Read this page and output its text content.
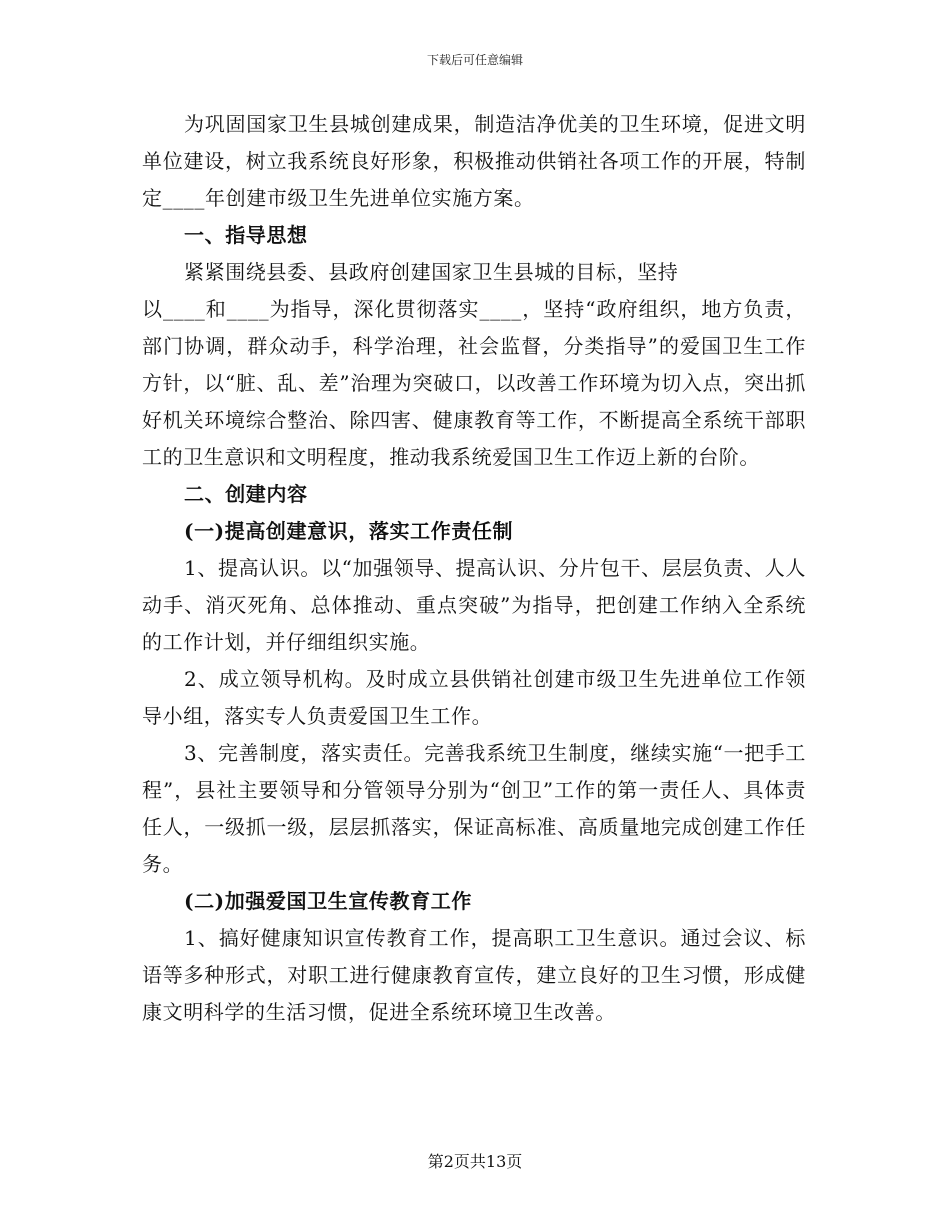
下载后可任意编辑

为巩固国家卫生县城创建成果，制造洁净优美的卫生环境，促进文明单位建设，树立我系统良好形象，积极推动供销社各项工作的开展，特制定____年创建市级卫生先进单位实施方案。

一、指导思想

紧紧围绕县委、县政府创建国家卫生县城的目标，坚持

以____和____为指导，深化贯彻落实____，坚持“政府组织，地方负责，部门协调，群众动手，科学治理，社会监督，分类指导”的爱国卫生工作方针，以“脏、乱、差”治理为突破口，以改善工作环境为切入点，突出抓好机关环境综合整治、除四害、健康教育等工作，不断提高全系统干部职工的卫生意识和文明程度，推动我系统爱国卫生工作迈上新的台阶。

二、创建内容

(一)提高创建意识，落实工作责任制

1、提高认识。以“加强领导、提高认识、分片包干、层层负责、人人动手、消灭死角、总体推动、重点突破”为指导，把创建工作纳入全系统的工作计划，并仔细组织实施。

2、成立领导机构。及时成立县供销社创建市级卫生先进单位工作领导小组，落实专人负责爱国卫生工作。

3、完善制度，落实责任。完善我系统卫生制度，继续实施“一把手工程”，县社主要领导和分管领导分别为“创卫”工作的第一责任人、具体责任人，一级抓一级，层层抓落实，保证高标准、高质量地完成创建工作任务。

(二)加强爱国卫生宣传教育工作

1、搞好健康知识宣传教育工作，提高职工卫生意识。通过会议、标语等多种形式，对职工进行健康教育宣传，建立良好的卫生习惯，形成健康文明科学的生活习惯，促进全系统环境卫生改善。

第2页共13页
